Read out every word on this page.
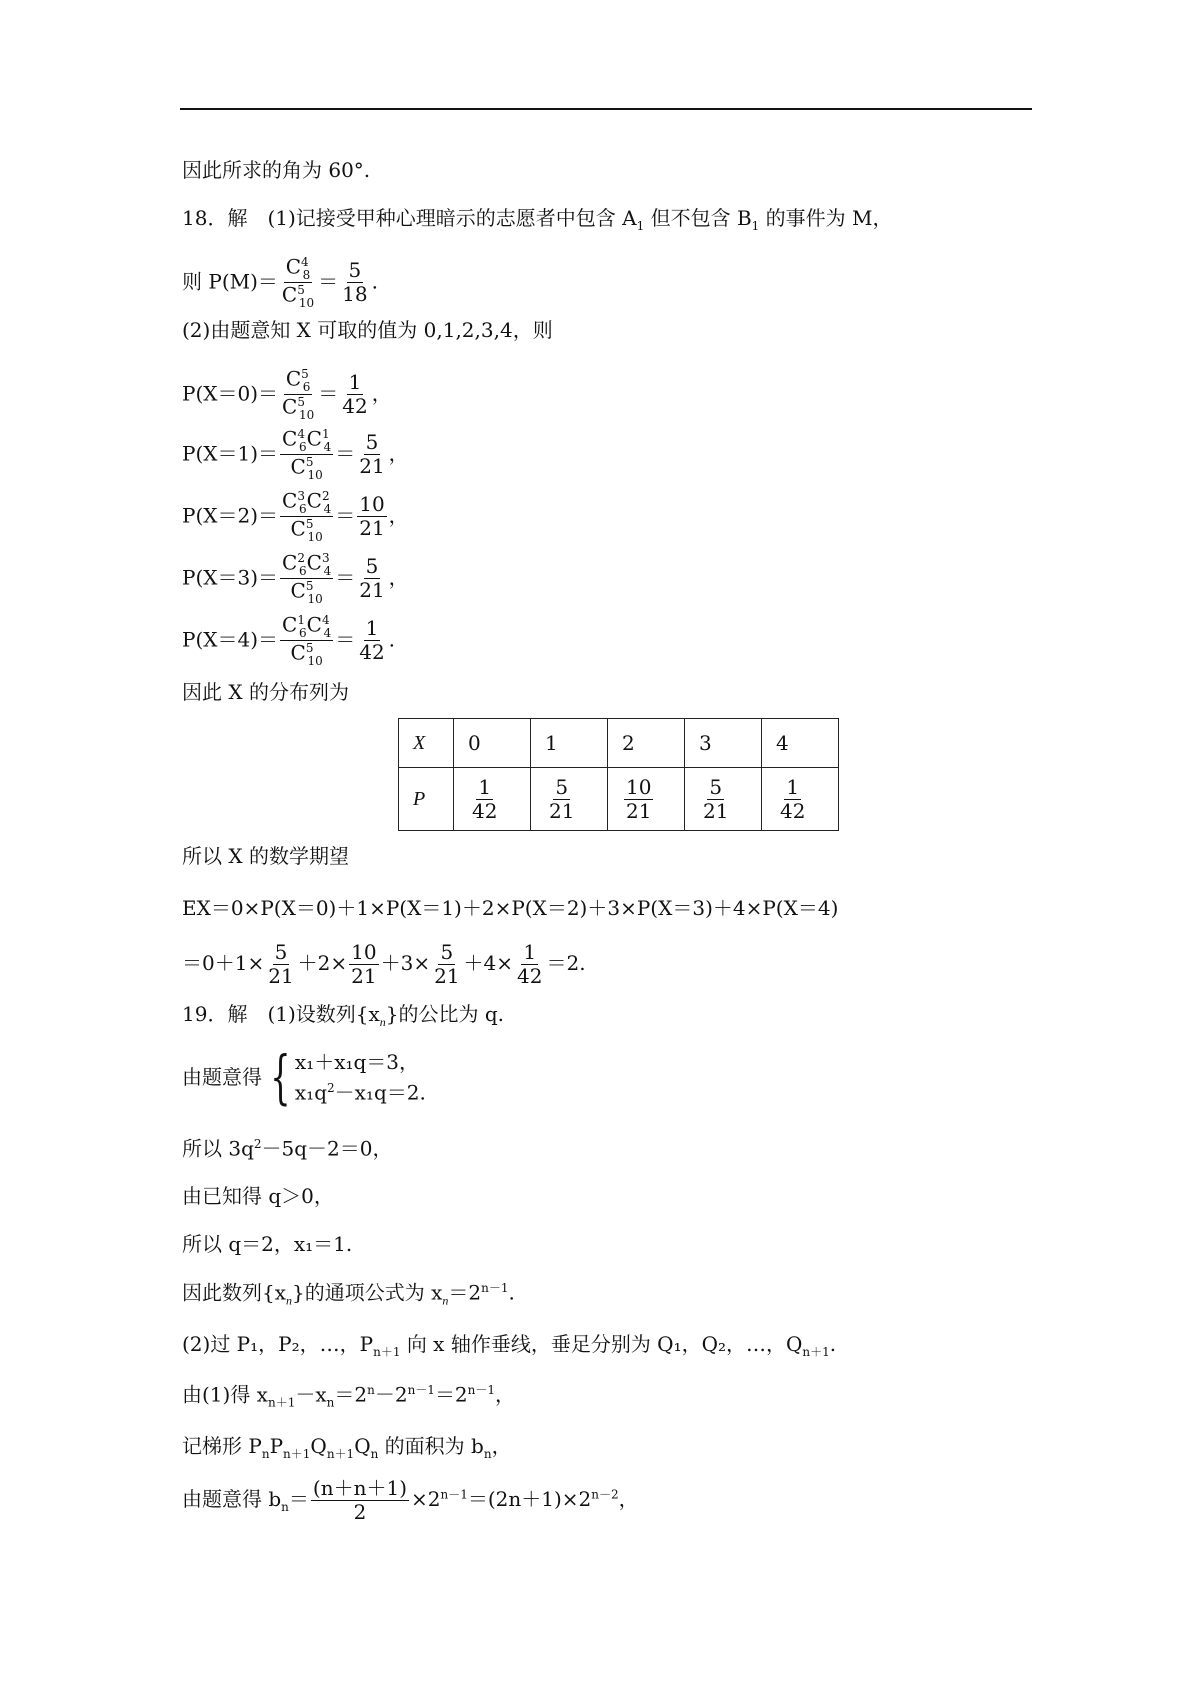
因此所求的角为 60°.
18．解　(1)记接受甲种心理暗示的志愿者中包含 $A_1$ 但不包含 $B_1$ 的事件为 M，
则 $P(M)= \frac{C^4_8}{C^5_{10}} = \frac{5}{18}$ .
(2)由题意知 X 可取的值为 0,1,2,3,4，则
$P(X=0)= \frac{C^5_6}{C^5_{10}} = \frac{1}{42}$ ，
$P(X=1)= \frac{C^4_6C^1_4}{C^5_{10}} = \frac{5}{21}$ ，
$P(X=2)= \frac{C^3_6C^2_4}{C^5_{10}} = \frac{10}{21}$ ，
$P(X=3)= \frac{C^2_6C^3_4}{C^5_{10}} = \frac{5}{21}$ ，
$P(X=4)= \frac{C^1_6C^4_4}{C^5_{10}} = \frac{1}{42}$ .
因此 X 的分布列为
X	0	1	2	3	4
P	$\frac{1}{42}$	$\frac{5}{21}$	$\frac{10}{21}$	$\frac{5}{21}$	$\frac{1}{42}$
所以 X 的数学期望
EX＝0×P(X＝0)＋1×P(X＝1)＋2×P(X＝2)＋3×P(X＝3)＋4×P(X＝4)
$=0+1\times \frac{5}{21} +2\times \frac{10}{21} +3\times \frac{5}{21} +4\times \frac{1}{42} =2$.
19．解　(1)设数列$\{x_n\}$的公比为 q.
由题意得 { x₁＋x₁q＝3，
$x_1q^2-x_1q=2$.
所以 $3q^2-5q-2=0$，
由已知得 q＞0，
所以 q＝2，x₁＝1.
因此数列$\{x_n\}$的通项公式为 $x_n=2^{n-1}$.
(2)过 P₁，P₂，…，$P_{n+1}$ 向 x 轴作垂线，垂足分别为 Q₁，Q₂，…，$Q_{n+1}$.
由(1)得 $x_{n+1}-x_n=2^n-2^{n-1}=2^{n-1}$，
记梯形 $P_nP_{n+1}Q_{n+1}Q_n$ 的面积为 $b_n$，
由题意得 $b_n= \frac{(n+n+1)}{2} \times 2^{n-1}=(2n+1)\times 2^{n-2}$，
